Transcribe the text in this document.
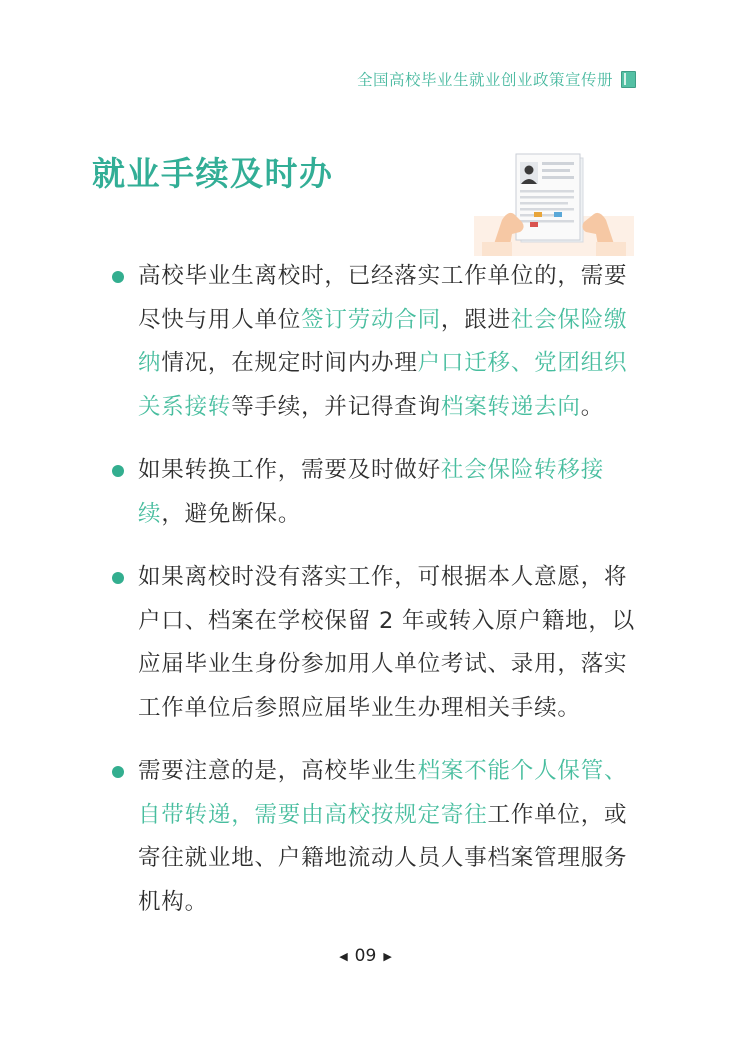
全国高校毕业生就业创业政策宣传册
就业手续及时办
高校毕业生离校时，已经落实工作单位的，需要尽快与用人单位签订劳动合同，跟进社会保险缴纳情况，在规定时间内办理户口迁移、党团组织关系接转等手续，并记得查询档案转递去向。
如果转换工作，需要及时做好社会保险转移接续，避免断保。
如果离校时没有落实工作，可根据本人意愿，将户口、档案在学校保留 2 年或转入原户籍地，以应届毕业生身份参加用人单位考试、录用，落实工作单位后参照应届毕业生办理相关手续。
需要注意的是，高校毕业生档案不能个人保管、自带转递，需要由高校按规定寄往工作单位，或寄往就业地、户籍地流动人员人事档案管理服务机构。
◀ 09 ▶
